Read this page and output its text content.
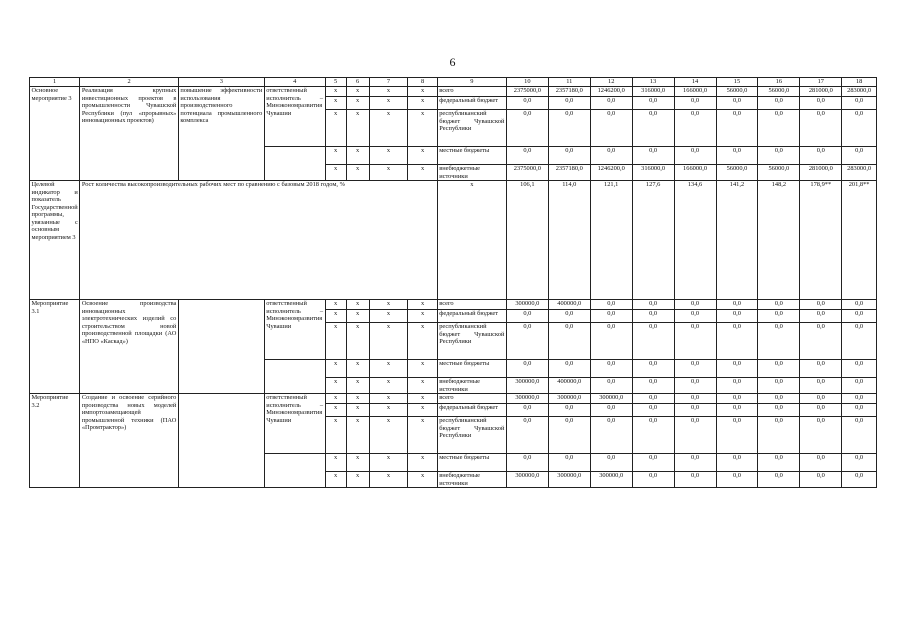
6
1	2	3	4	5	6	7	8	9	10	11	12	13	14	15	16	17	18
Основное мероприятие 3	Реализация крупных инвестиционных проектов в промышленности Чувашской Республики (пул «прорывных» инновационных проектов)	повышение эффективности использования производственного потенциала промышленного комплекса	ответственный исполнитель – Минэкономразвития Чувашии	x	x	x	x	всего	2375000,0	2357180,0	1246200,0	316000,0	166000,0	56000,0	56000,0	281000,0	283000,0
				x	x	x	x	федеральный бюджет	0,0	0,0	0,0	0,0	0,0	0,0	0,0	0,0	0,0
				x	x	x	x	республиканский бюджет Чувашской Республики	0,0	0,0	0,0	0,0	0,0	0,0	0,0	0,0	0,0
				x	x	x	x	местные бюджеты	0,0	0,0	0,0	0,0	0,0	0,0	0,0	0,0	0,0
				x	x	x	x	внебюджетные источники	2375000,0	2357180,0	1246200,0	316000,0	166000,0	56000,0	56000,0	281000,0	283000,0
Целевой индикатор и показатель Государственной программы, увязанные с основным мероприятием 3	Рост количества высокопроизводительных рабочих мест по сравнению с базовым 2018 годом, %							x	106,1	114,0	121,1	127,6	134,6	141,2	148,2	178,9**	201,8**
Мероприятие 3.1	Освоение производства инновационных электротехнических изделий со строительством новой производственной площадки (АО «НПО «Каскад»)		ответственный исполнитель – Минэкономразвития Чувашии	x	x	x	x	всего	300000,0	400000,0	0,0	0,0	0,0	0,0	0,0	0,0	0,0
				x	x	x	x	федеральный бюджет	0,0	0,0	0,0	0,0	0,0	0,0	0,0	0,0	0,0
				x	x	x	x	республиканский бюджет Чувашской Республики	0,0	0,0	0,0	0,0	0,0	0,0	0,0	0,0	0,0
				x	x	x	x	местные бюджеты	0,0	0,0	0,0	0,0	0,0	0,0	0,0	0,0	0,0
				x	x	x	x	внебюджетные источники	300000,0	400000,0	0,0	0,0	0,0	0,0	0,0	0,0	0,0
Мероприятие 3.2	Создание и освоение серийного производства новых моделей импортозамещающей промышленной техники (ПАО «Промтрактор»)		ответственный исполнитель – Минэкономразвития Чувашии	x	x	x	x	всего	300000,0	300000,0	300000,0	0,0	0,0	0,0	0,0	0,0	0,0
				x	x	x	x	федеральный бюджет	0,0	0,0	0,0	0,0	0,0	0,0	0,0	0,0	0,0
				x	x	x	x	республиканский бюджет Чувашской Республики	0,0	0,0	0,0	0,0	0,0	0,0	0,0	0,0	0,0
				x	x	x	x	местные бюджеты	0,0	0,0	0,0	0,0	0,0	0,0	0,0	0,0	0,0
				x	x	x	x	внебюджетные источники	300000,0	300000,0	300000,0	0,0	0,0	0,0	0,0	0,0	0,0
